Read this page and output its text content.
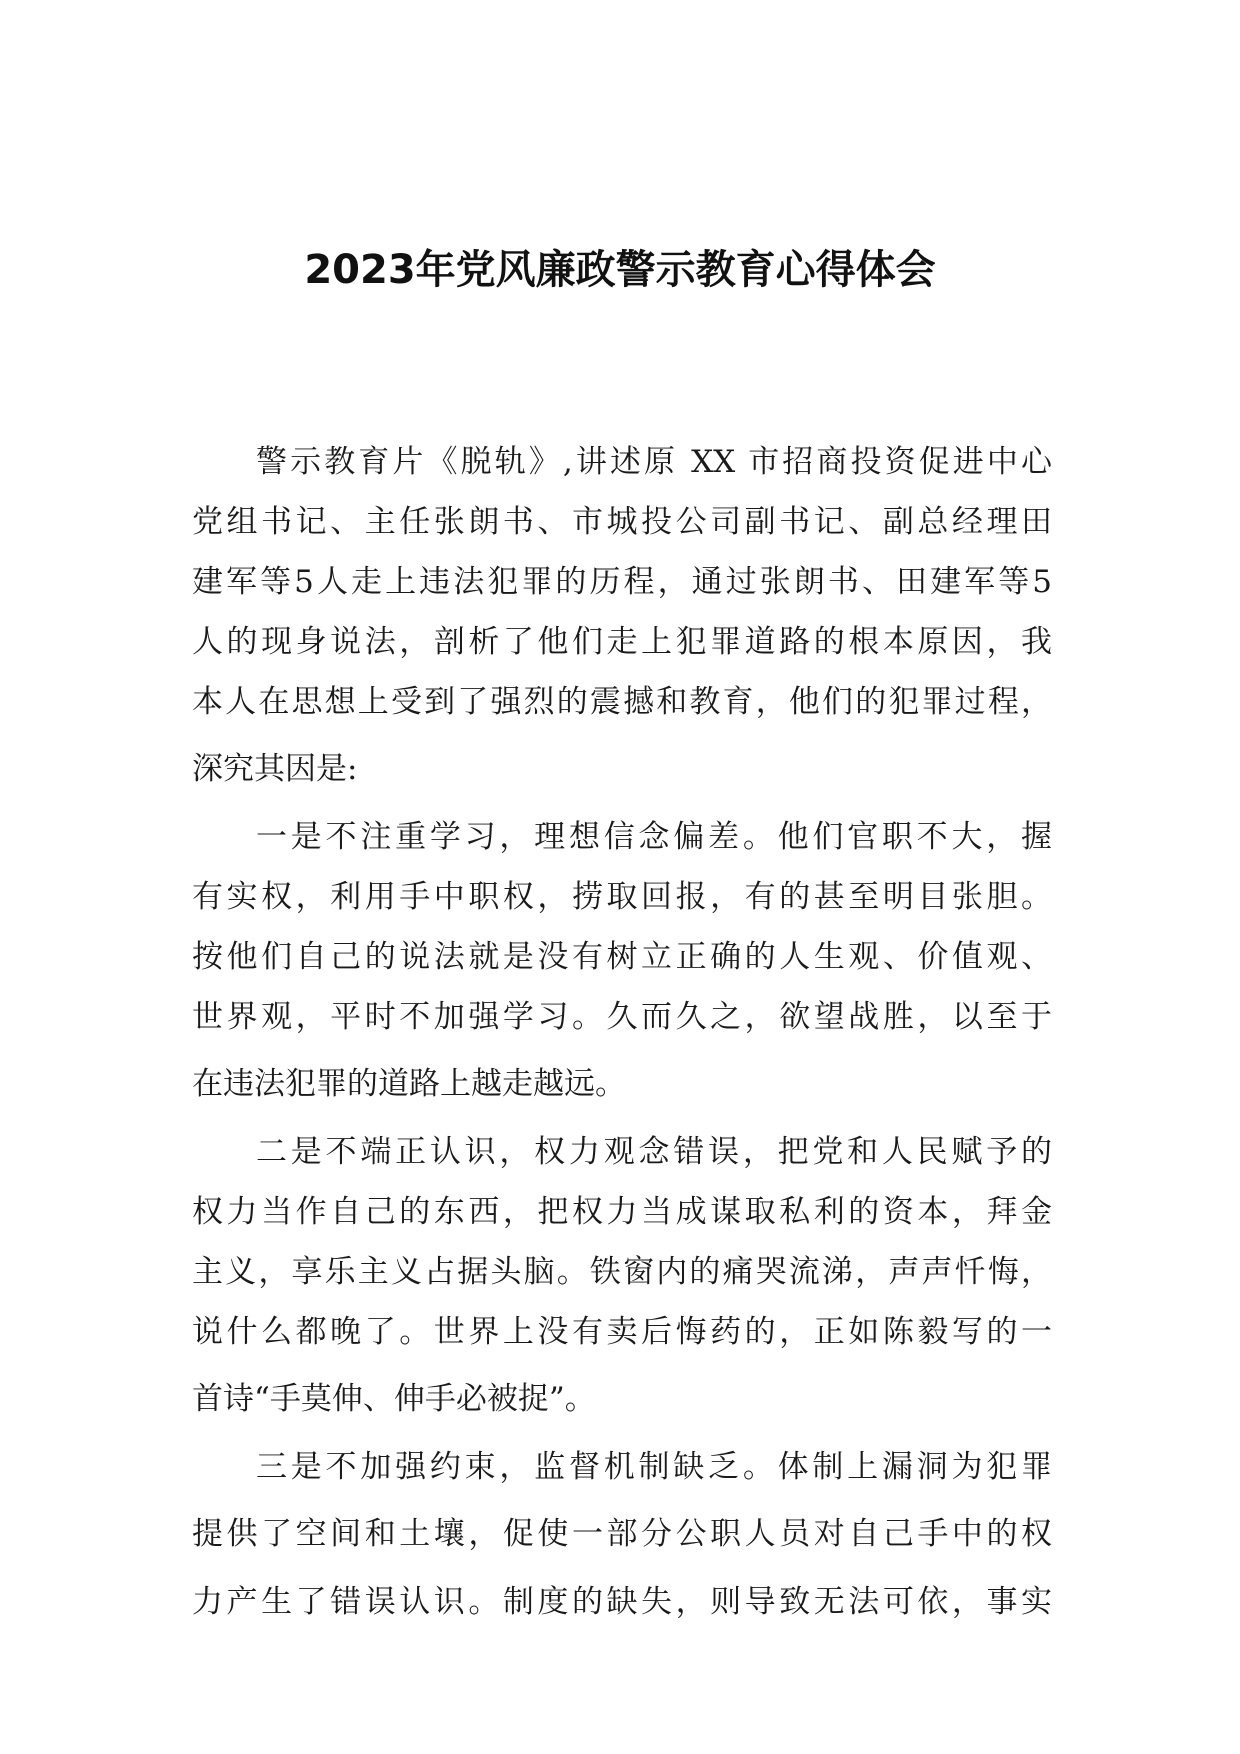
2023年党风廉政警示教育心得体会
警示教育片《脱轨》,讲述原 XX 市招商投资促进中心
党组书记、主任张朗书、市城投公司副书记、副总经理田
建军等5人走上违法犯罪的历程，通过张朗书、田建军等5
人的现身说法，剖析了他们走上犯罪道路的根本原因，我
本人在思想上受到了强烈的震撼和教育，他们的犯罪过程，
深究其因是:
一是不注重学习，理想信念偏差。他们官职不大，握
有实权，利用手中职权，捞取回报，有的甚至明目张胆。
按他们自己的说法就是没有树立正确的人生观、价值观、
世界观，平时不加强学习。久而久之，欲望战胜，以至于
在违法犯罪的道路上越走越远。
二是不端正认识，权力观念错误，把党和人民赋予的
权力当作自己的东西，把权力当成谋取私利的资本，拜金
主义，享乐主义占据头脑。铁窗内的痛哭流涕，声声忏悔，
说什么都晚了。世界上没有卖后悔药的，正如陈毅写的一
首诗“手莫伸、伸手必被捉”。
三是不加强约束，监督机制缺乏。体制上漏洞为犯罪
提供了空间和土壤，促使一部分公职人员对自己手中的权
力产生了错误认识。制度的缺失，则导致无法可依，事实
